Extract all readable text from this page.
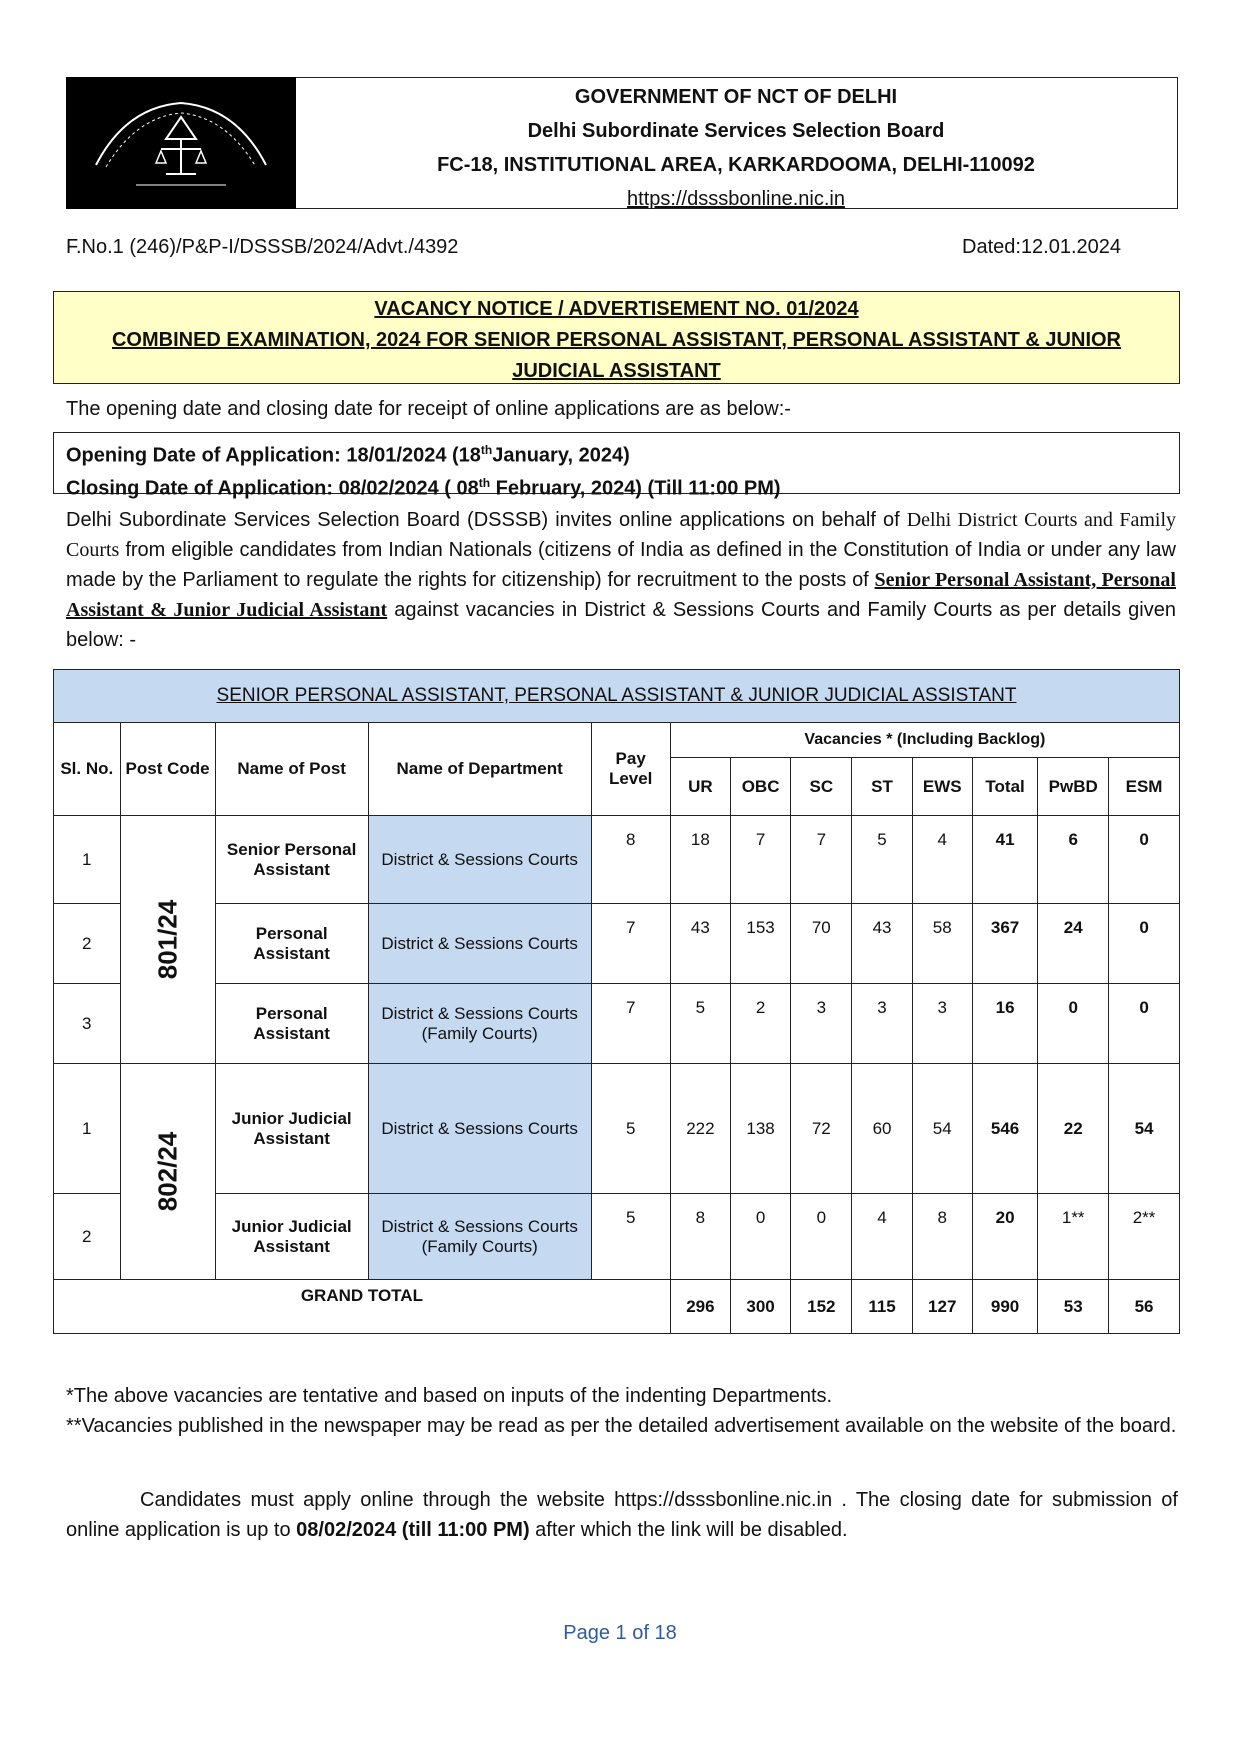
GOVERNMENT OF NCT OF DELHI
Delhi Subordinate Services Selection Board
FC-18, INSTITUTIONAL AREA, KARKARDOOMA, DELHI-110092
https://dsssbonline.nic.in
F.No.1 (246)/P&P-I/DSSSB/2024/Advt./4392	Dated:12.01.2024
VACANCY NOTICE / ADVERTISEMENT NO. 01/2024
COMBINED EXAMINATION, 2024 FOR SENIOR PERSONAL ASSISTANT, PERSONAL ASSISTANT & JUNIOR
JUDICIAL ASSISTANT
The opening date and closing date for receipt of online applications are as below:-
Opening Date of Application: 18/01/2024 (18thJanuary, 2024)
Closing Date of Application: 08/02/2024 ( 08th February, 2024) (Till 11:00 PM)
Delhi Subordinate Services Selection Board (DSSSB) invites online applications on behalf of Delhi District Courts and Family Courts from eligible candidates from Indian Nationals (citizens of India as defined in the Constitution of India or under any law made by the Parliament to regulate the rights for citizenship) for recruitment to the posts of Senior Personal Assistant, Personal Assistant & Junior Judicial Assistant against vacancies in District & Sessions Courts and Family Courts as per details given below: -
SENIOR PERSONAL ASSISTANT, PERSONAL ASSISTANT & JUNIOR JUDICIAL ASSISTANT												
Sl. No.	Post Code	Name of Post	Name of Department	Pay Level	Vacancies * (Including Backlog)							
					UR	OBC	SC	ST	EWS	Total	PwBD	ESM
1	801/24	Senior Personal Assistant	District & Sessions Courts	8	18	7	7	5	4	41	6	0
2		Personal Assistant	District & Sessions Courts	7	43	153	70	43	58	367	24	0
3		Personal Assistant	District & Sessions Courts (Family Courts)	7	5	2	3	3	3	16	0	0
1	802/24	Junior Judicial Assistant	District & Sessions Courts	5	222	138	72	60	54	546	22	54
2		Junior Judicial Assistant	District & Sessions Courts (Family Courts)	5	8	0	0	4	8	20	1**	2**
GRAND TOTAL					296	300	152	115	127	990	53	56
*The above vacancies are tentative and based on inputs of the indenting Departments.
**Vacancies published in the newspaper may be read as per the detailed advertisement available on the website of the board.
Candidates must apply online through the website https://dsssbonline.nic.in . The closing date for submission of online application is up to 08/02/2024 (till 11:00 PM) after which the link will be disabled.
Page 1 of 18
